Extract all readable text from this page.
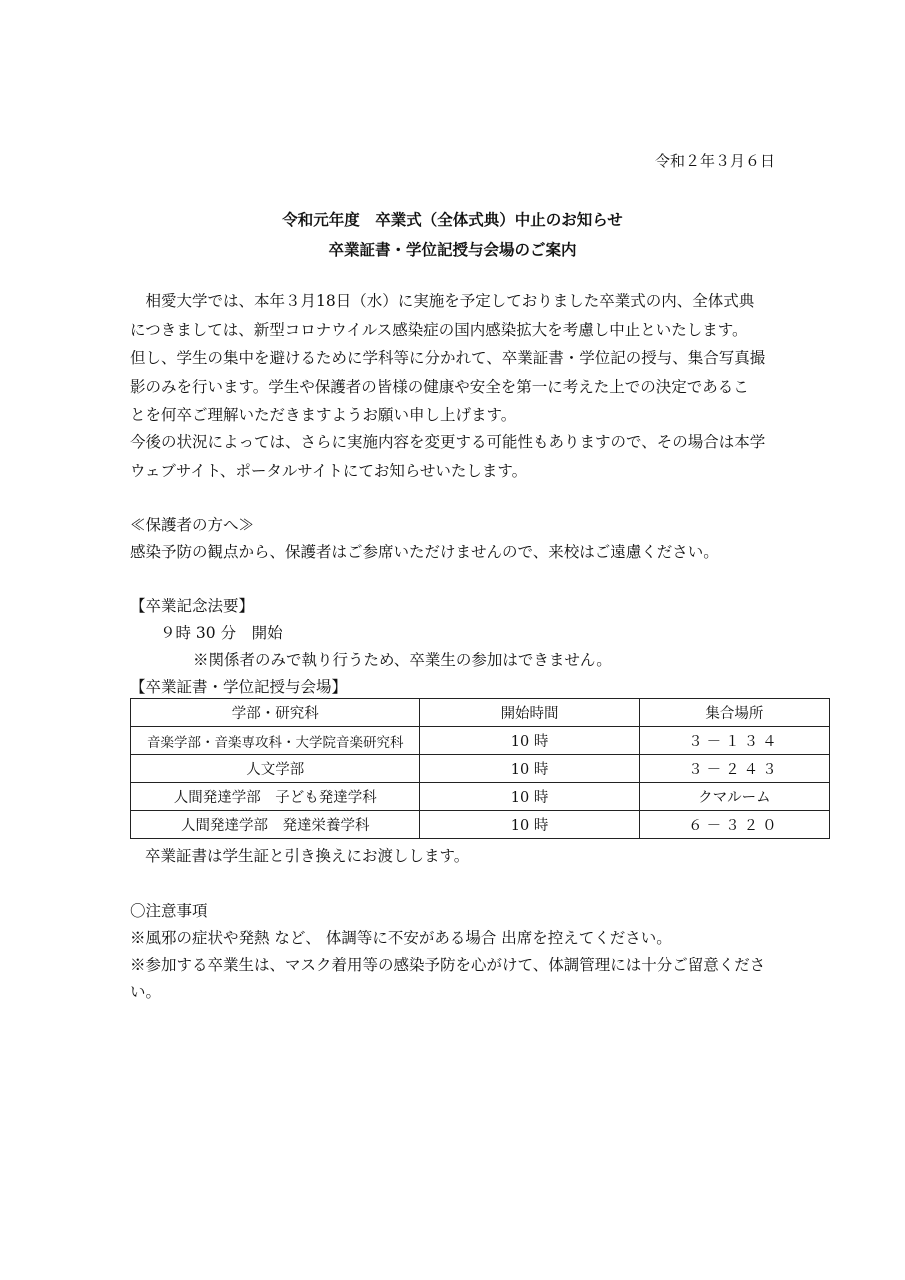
令和２年３月６日
令和元年度　卒業式（全体式典）中止のお知らせ
卒業証書・学位記授与会場のご案内
　相愛大学では、本年３月18日（水）に実施を予定しておりました卒業式の内、全体式典
につきましては、新型コロナウイルス感染症の国内感染拡大を考慮し中止といたします。
但し、学生の集中を避けるために学科等に分かれて、卒業証書・学位記の授与、集合写真撮
影のみを行います。学生や保護者の皆様の健康や安全を第一に考えた上での決定であるこ
とを何卒ご理解いただきますようお願い申し上げます。
今後の状況によっては、さらに実施内容を変更する可能性もありますので、その場合は本学
ウェブサイト、ポータルサイトにてお知らせいたします。
≪保護者の方へ≫
感染予防の観点から、保護者はご参席いただけませんので、来校はご遠慮ください。
【卒業記念法要】
９時 30 分　開始
※関係者のみで執り行うため、卒業生の参加はできません。
【卒業証書・学位記授与会場】
学部・研究科	開始時間	集合場所
音楽学部・音楽専攻科・大学院音楽研究科	10 時	３－１３４
人文学部	10 時	３－２４３
人間発達学部　子ども発達学科	10 時	クマルーム
人間発達学部　発達栄養学科	10 時	６－３２０
卒業証書は学生証と引き換えにお渡しします。
〇注意事項
※風邪の症状や発熱 など、 体調等に不安がある場合 出席を控えてください。
※参加する卒業生は、マスク着用等の感染予防を心がけて、体調管理には十分ご留意くださ
い。
